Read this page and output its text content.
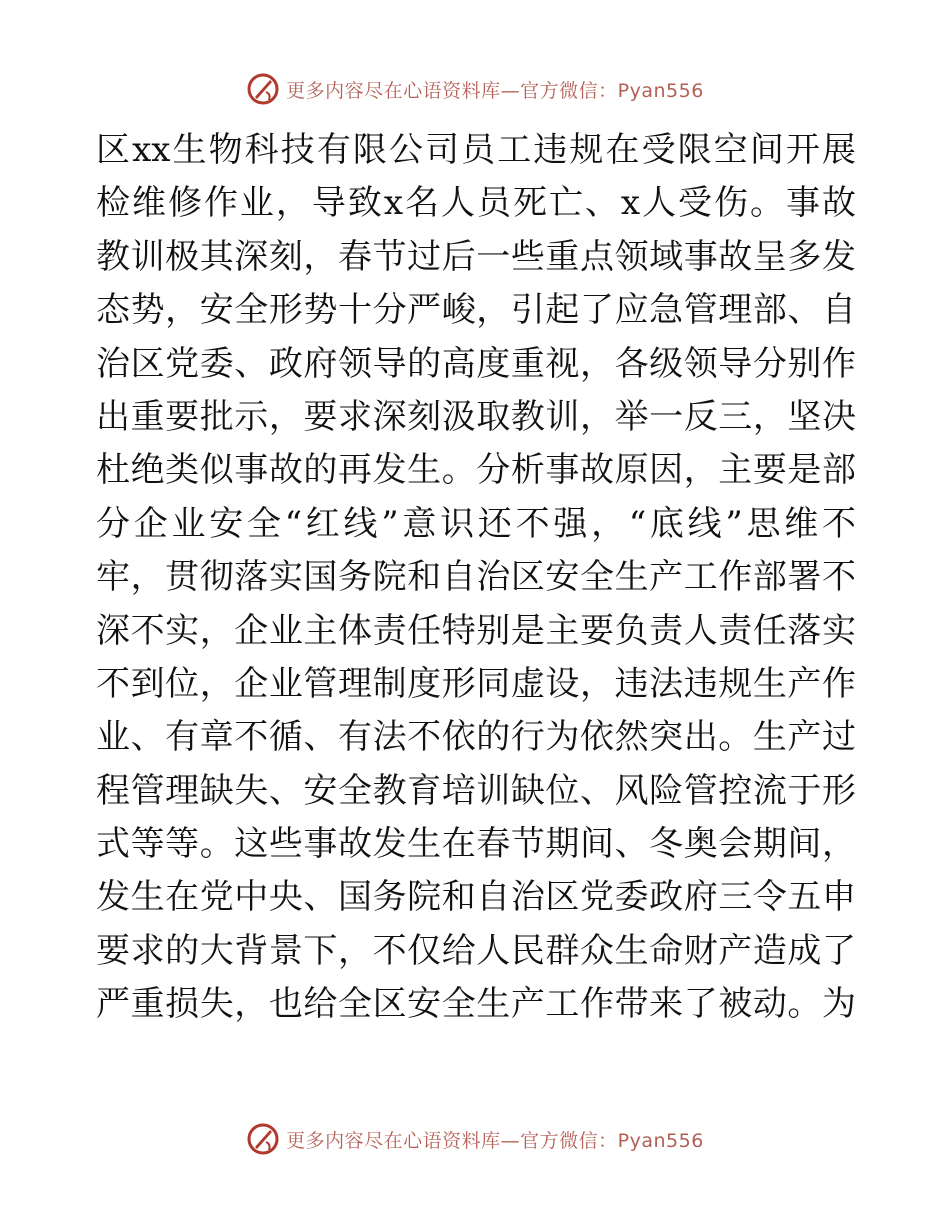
更多内容尽在心语资料库—官方微信：Pyan556
区xx生物科技有限公司员工违规在受限空间开展
检维修作业，导致x名人员死亡、x人受伤。事故
教训极其深刻，春节过后一些重点领域事故呈多发
态势，安全形势十分严峻，引起了应急管理部、自
治区党委、政府领导的高度重视，各级领导分别作
出重要批示，要求深刻汲取教训，举一反三，坚决
杜绝类似事故的再发生。分析事故原因，主要是部
分企业安全“红线”意识还不强，“底线”思维不
牢，贯彻落实国务院和自治区安全生产工作部署不
深不实，企业主体责任特别是主要负责人责任落实
不到位，企业管理制度形同虚设，违法违规生产作
业、有章不循、有法不依的行为依然突出。生产过
程管理缺失、安全教育培训缺位、风险管控流于形
式等等。这些事故发生在春节期间、冬奥会期间，
发生在党中央、国务院和自治区党委政府三令五申
要求的大背景下，不仅给人民群众生命财产造成了
严重损失，也给全区安全生产工作带来了被动。为
更多内容尽在心语资料库—官方微信：Pyan556
